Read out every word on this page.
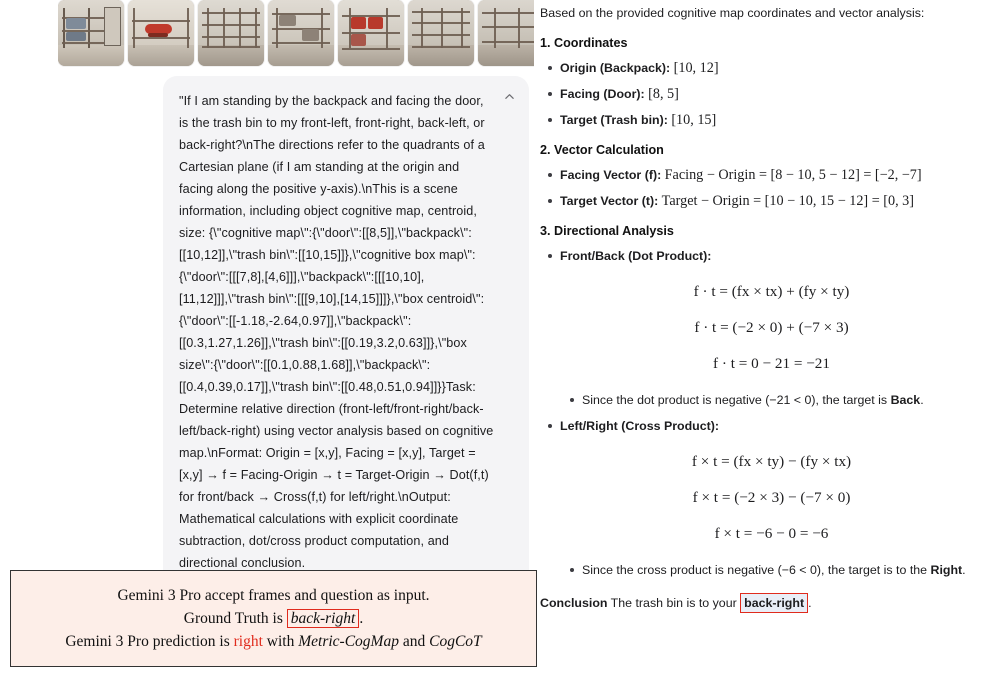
"If I am standing by the backpack and facing the door, is the trash bin to my front-left, front-right, back-left, or back-right?\nThe directions refer to the quadrants of a Cartesian plane (if I am standing at the origin and facing along the positive y-axis).\nThis is a scene information, including object cognitive map, centroid, size: {\"cognitive map\":{\"door\":[[8,5]],\"backpack\":[[10,12]],\"trash bin\":[[10,15]]},\"cognitive box map\":{\"door\":[[[7,8],[4,6]]],\"backpack\":[[[10,10],[11,12]]],\"trash bin\":[[[9,10],[14,15]]]},\"box centroid\":{\"door\":[[-1.18,-2.64,0.97]],\"backpack\":[[0.3,1.27,1.26]],\"trash bin\":[[0.19,3.2,0.63]]},\"box size\":{\"door\":[[0.1,0.88,1.68]],\"backpack\":[[0.4,0.39,0.17]],\"trash bin\":[[0.48,0.51,0.94]]}}Task: Determine relative direction (front-left/front-right/back-left/back-right) using vector analysis based on cognitive map.\nFormat: Origin = [x,y], Facing = [x,y], Target = [x,y] → f = Facing-Origin → t = Target-Origin → Dot(f,t) for front/back → Cross(f,t) for left/right.\nOutput: Mathematical calculations with explicit coordinate subtraction, dot/cross product computation, and directional conclusion.
Gemini 3 Pro accept frames and question as input.
Ground Truth is back-right .
Gemini 3 Pro prediction is right with Metric-CogMap and CogCoT

Based on the provided cognitive map coordinates and vector analysis:

1. Coordinates
Origin (Backpack): [10, 12]
Facing (Door): [8, 5]
Target (Trash bin): [10, 15]
2. Vector Calculation
Facing Vector (f): Facing − Origin = [8 − 10, 5 − 12] = [−2, −7]
Target Vector (t): Target − Origin = [10 − 10, 15 − 12] = [0, 3]
3. Directional Analysis
Front/Back (Dot Product):
f · t = (fx × tx) + (fy × ty)
f · t = (−2 × 0) + (−7 × 3)
f · t = 0 − 21 = −21
Since the dot product is negative (−21 < 0), the target is Back.
Left/Right (Cross Product):
f × t = (fx × ty) − (fy × tx)
f × t = (−2 × 3) − (−7 × 0)
f × t = −6 − 0 = −6
Since the cross product is negative (−6 < 0), the target is to the Right.
Conclusion The trash bin is to your back-right .
